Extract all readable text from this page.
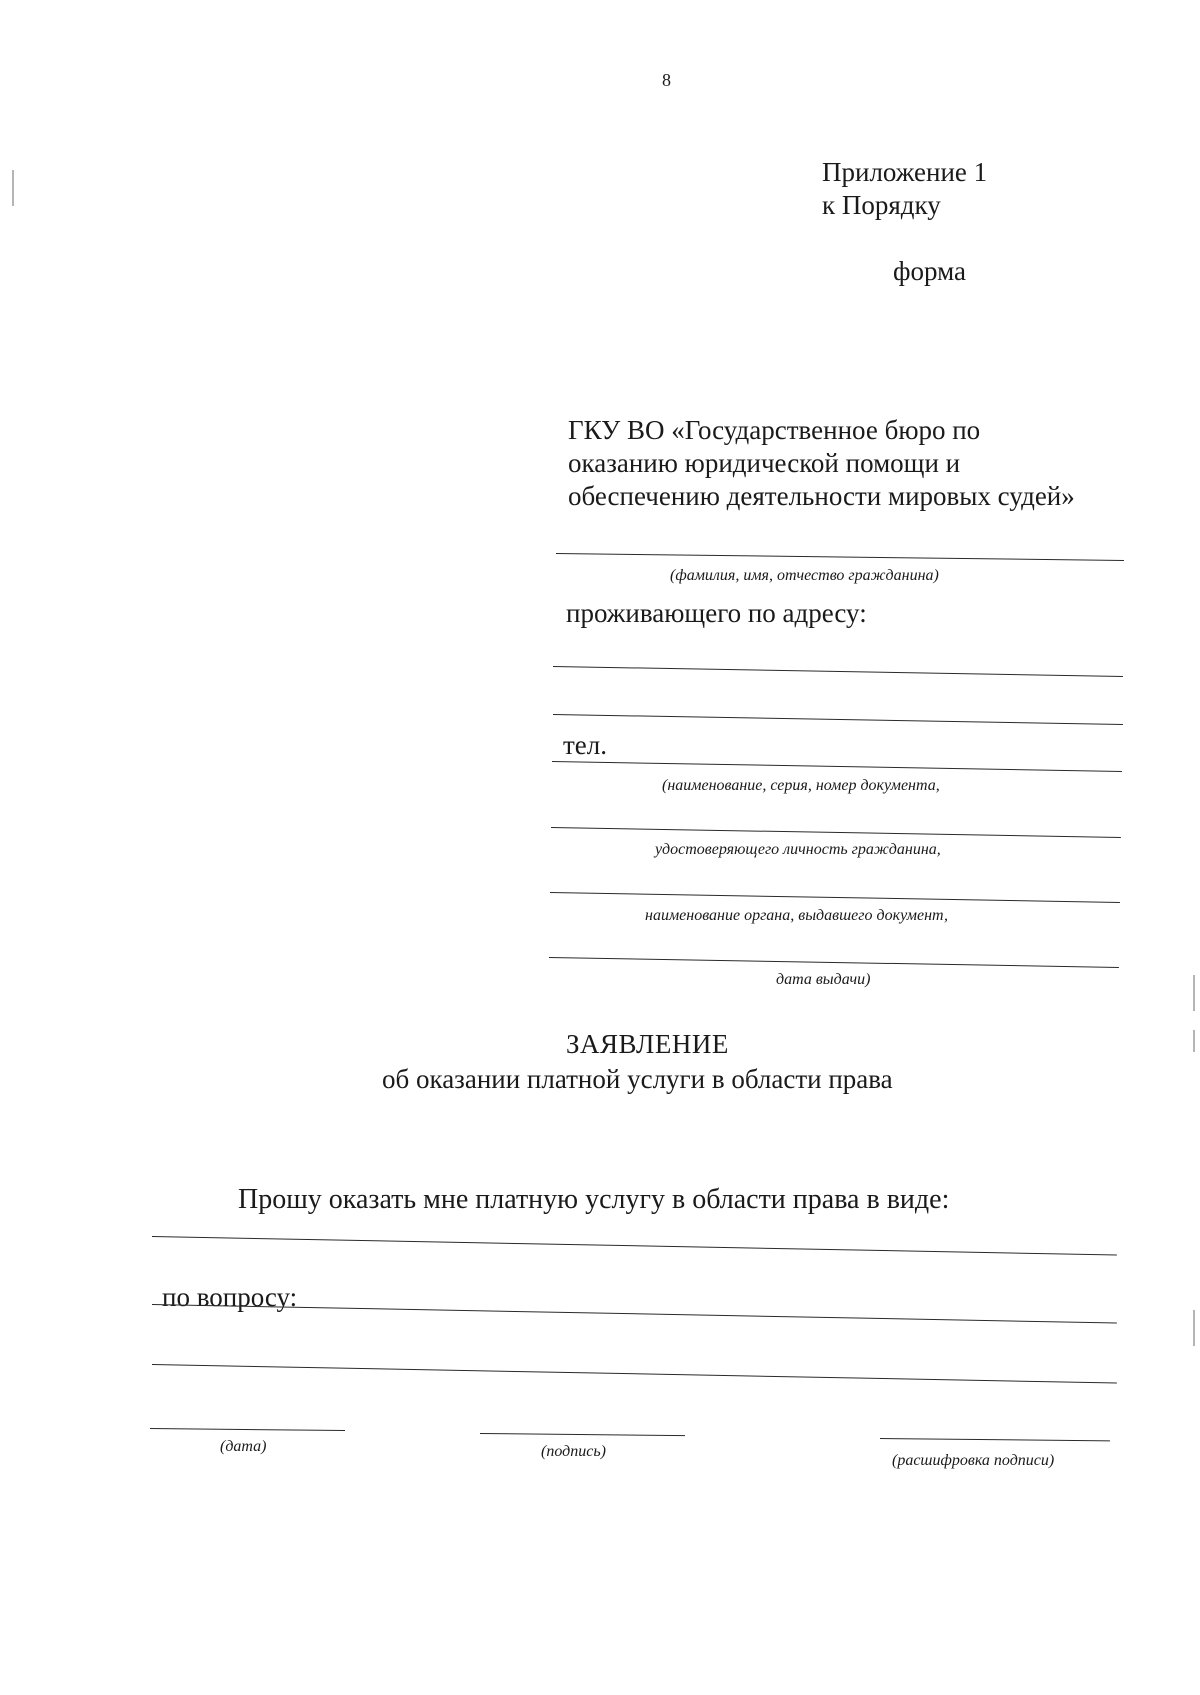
8
Приложение 1
к Порядку
форма
ГКУ ВО «Государственное бюро по
оказанию юридической помощи и
обеспечению деятельности мировых судей»
(фамилия, имя, отчество гражданина)
проживающего по адресу:
тел.
(наименование, серия, номер документа,
удостоверяющего личность гражданина,
наименование органа, выдавшего документ,
дата выдачи)
ЗАЯВЛЕНИЕ
об оказании платной услуги в области права
Прошу оказать мне платную услугу в области права в виде:
по вопросу:
(дата)	(подпись)
(расшифровка подписи)
